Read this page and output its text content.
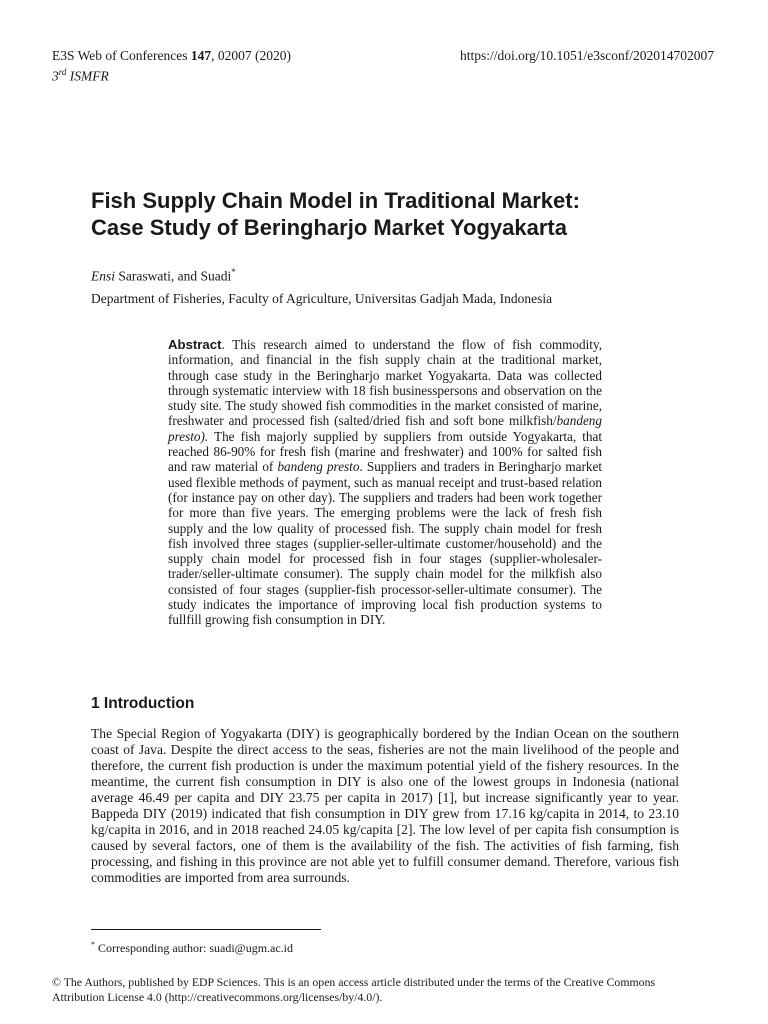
E3S Web of Conferences 147, 02007 (2020)
3rd ISMFR
https://doi.org/10.1051/e3sconf/202014702007
Fish Supply Chain Model in Traditional Market:
Case Study of Beringharjo Market Yogyakarta
Ensi Saraswati, and Suadi*
Department of Fisheries, Faculty of Agriculture, Universitas Gadjah Mada, Indonesia
Abstract. This research aimed to understand the flow of fish commodity, information, and financial in the fish supply chain at the traditional market, through case study in the Beringharjo market Yogyakarta. Data was collected through systematic interview with 18 fish businesspersons and observation on the study site. The study showed fish commodities in the market consisted of marine, freshwater and processed fish (salted/dried fish and soft bone milkfish/bandeng presto). The fish majorly supplied by suppliers from outside Yogyakarta, that reached 86-90% for fresh fish (marine and freshwater) and 100% for salted fish and raw material of bandeng presto. Suppliers and traders in Beringharjo market used flexible methods of payment, such as manual receipt and trust-based relation (for instance pay on other day). The suppliers and traders had been work together for more than five years. The emerging problems were the lack of fresh fish supply and the low quality of processed fish. The supply chain model for fresh fish involved three stages (supplier-seller-ultimate customer/household) and the supply chain model for processed fish in four stages (supplier-wholesaler-trader/seller-ultimate consumer). The supply chain model for the milkfish also consisted of four stages (supplier-fish processor-seller-ultimate consumer). The study indicates the importance of improving local fish production systems to fullfill growing fish consumption in DIY.
1 Introduction
The Special Region of Yogyakarta (DIY) is geographically bordered by the Indian Ocean on the southern coast of Java. Despite the direct access to the seas, fisheries are not the main livelihood of the people and therefore, the current fish production is under the maximum potential yield of the fishery resources. In the meantime, the current fish consumption in DIY is also one of the lowest groups in Indonesia (national average 46.49 per capita and DIY 23.75 per capita in 2017) [1], but increase significantly year to year. Bappeda DIY (2019) indicated that fish consumption in DIY grew from 17.16 kg/capita in 2014, to 23.10 kg/capita in 2016, and in 2018 reached 24.05 kg/capita [2]. The low level of per capita fish consumption is caused by several factors, one of them is the availability of the fish. The activities of fish farming, fish processing, and fishing in this province are not able yet to fulfill consumer demand. Therefore, various fish commodities are imported from area surrounds.
* Corresponding author: suadi@ugm.ac.id
© The Authors, published by EDP Sciences. This is an open access article distributed under the terms of the Creative Commons
Attribution License 4.0 (http://creativecommons.org/licenses/by/4.0/).
